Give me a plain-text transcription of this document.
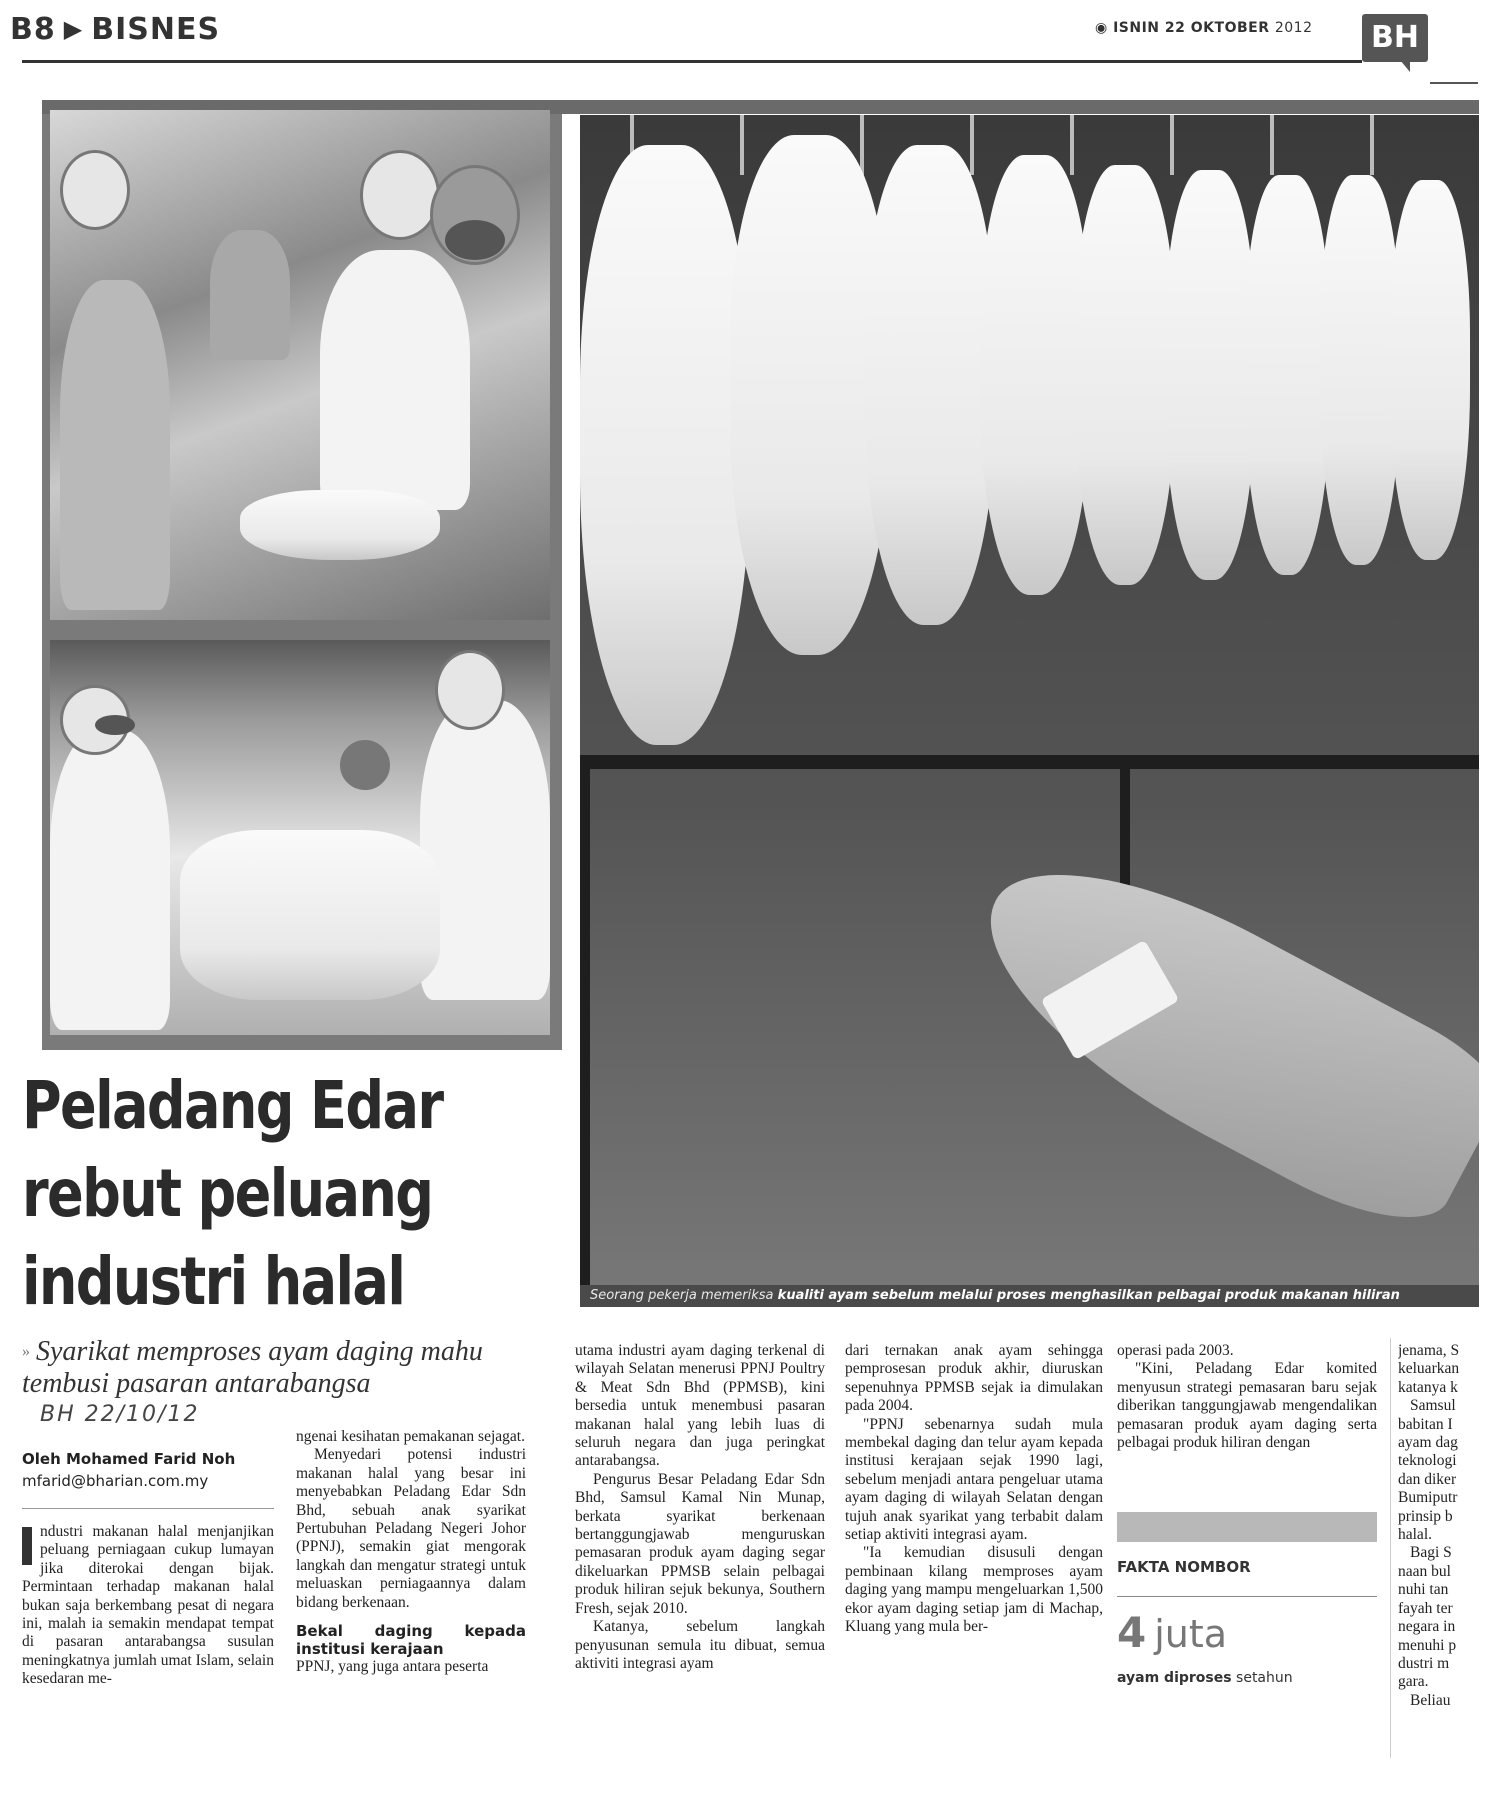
B8 ▶ BISNES	◉ ISNIN 22 OKTOBER 2012	BH
Seorang pekerja memeriksa kualiti ayam sebelum melalui proses menghasilkan pelbagai produk makanan hiliran
Peladang Edar
rebut peluang
industri halal
» Syarikat memproses ayam daging mahu tembusi pasaran antarabangsa
BH 22/10/12
Oleh Mohamed Farid Noh
mfarid@bharian.com.my

ndustri makanan halal menjanjikan peluang perniagaan cukup lumayan jika diterokai dengan bijak. Permintaan terhadap makanan halal bukan saja berkembang pesat di negara ini, malah ia semakin mendapat tempat di pasaran antarabangsa susulan meningkatnya jumlah umat Islam, selain kesedaran me-

ngenai kesihatan pemakanan sejagat.

Menyedari potensi industri makanan halal yang besar ini menyebabkan Peladang Edar Sdn Bhd, sebuah anak syarikat Pertubuhan Peladang Negeri Johor (PPNJ), semakin giat mengorak langkah dan mengatur strategi untuk meluaskan perniagaannya dalam bidang berkenaan.

Bekal daging kepada institusi kerajaan

PPNJ, yang juga antara peserta

utama industri ayam daging terkenal di wilayah Selatan menerusi PPNJ Poultry & Meat Sdn Bhd (PPMSB), kini bersedia untuk menembusi pasaran makanan halal yang lebih luas di seluruh negara dan juga peringkat antarabangsa.

Pengurus Besar Peladang Edar Sdn Bhd, Samsul Kamal Nin Munap, berkata syarikat berkenaan bertanggungjawab menguruskan pemasaran produk ayam daging segar dikeluarkan PPMSB selain pelbagai produk hiliran sejuk bekunya, Southern Fresh, sejak 2010.

Katanya, sebelum langkah penyusunan semula itu dibuat, semua aktiviti integrasi ayam

dari ternakan anak ayam sehingga pemprosesan produk akhir, diuruskan sepenuhnya PPMSB sejak ia dimulakan pada 2004.

"PPNJ sebenarnya sudah mula membekal daging dan telur ayam kepada institusi kerajaan sejak 1990 lagi, sebelum menjadi antara pengeluar utama ayam daging di wilayah Selatan dengan tujuh anak syarikat yang terbabit dalam setiap aktiviti integrasi ayam.

"Ia kemudian disusuli dengan pembinaan kilang memproses ayam daging yang mampu mengeluarkan 1,500 ekor ayam daging setiap jam di Machap, Kluang yang mula ber-

operasi pada 2003.

"Kini, Peladang Edar komited menyusun strategi pemasaran baru sejak diberikan tanggungjawab mengendalikan pemasaran produk ayam daging serta pelbagai produk hiliran dengan

FAKTA NOMBOR
4 juta
ayam diproses setahun
jenama, S
keluarkan
katanya k
Samsul
babitan I
ayam dag
teknologi
dan diker
Bumiputr
prinsip b
halal.
Bagi S
naan bul
nuhi tan
fayah ter
negara in
menuhi p
dustri m
gara.
Beliau
